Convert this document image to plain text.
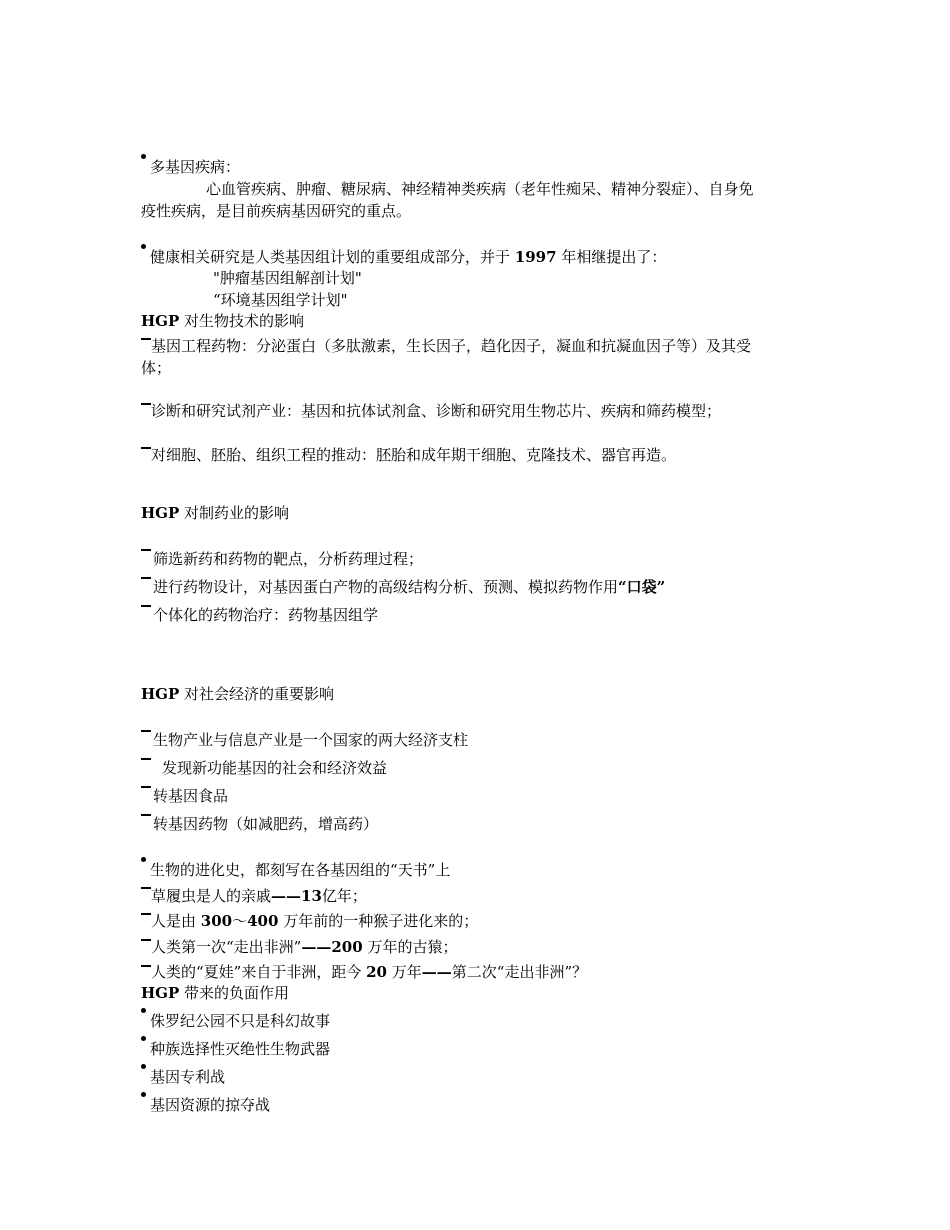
多基因疾病：
心血管疾病、肿瘤、糖尿病、神经精神类疾病（老年性痴呆、精神分裂症）、自身免
疫性疾病，是目前疾病基因研究的重点。
健康相关研究是人类基因组计划的重要组成部分，并于 1997 年相继提出了：
"肿瘤基因组解剖计划"
“环境基因组学计划"
HGP 对生物技术的影响
基因工程药物：分泌蛋白（多肽激素，生长因子，趋化因子，凝血和抗凝血因子等）及其受
体；
诊断和研究试剂产业：基因和抗体试剂盒、诊断和研究用生物芯片、疾病和筛药模型；
对细胞、胚胎、组织工程的推动：胚胎和成年期干细胞、克隆技术、器官再造。
HGP 对制药业的影响
筛选新药和药物的靶点，分析药理过程；
进行药物设计，对基因蛋白产物的高级结构分析、预测、模拟药物作用“口袋”
个体化的药物治疗：药物基因组学
HGP 对社会经济的重要影响
生物产业与信息产业是一个国家的两大经济支柱
发现新功能基因的社会和经济效益
转基因食品
转基因药物（如减肥药，增高药）
生物的进化史，都刻写在各基因组的“天书”上
草履虫是人的亲戚——13亿年；
人是由 300～400 万年前的一种猴子进化来的；
人类第一次“走出非洲”——200 万年的古猿；
人类的“夏娃”来自于非洲，距今 20 万年——第二次“走出非洲”？
HGP 带来的负面作用
侏罗纪公园不只是科幻故事
种族选择性灭绝性生物武器
基因专利战
基因资源的掠夺战
